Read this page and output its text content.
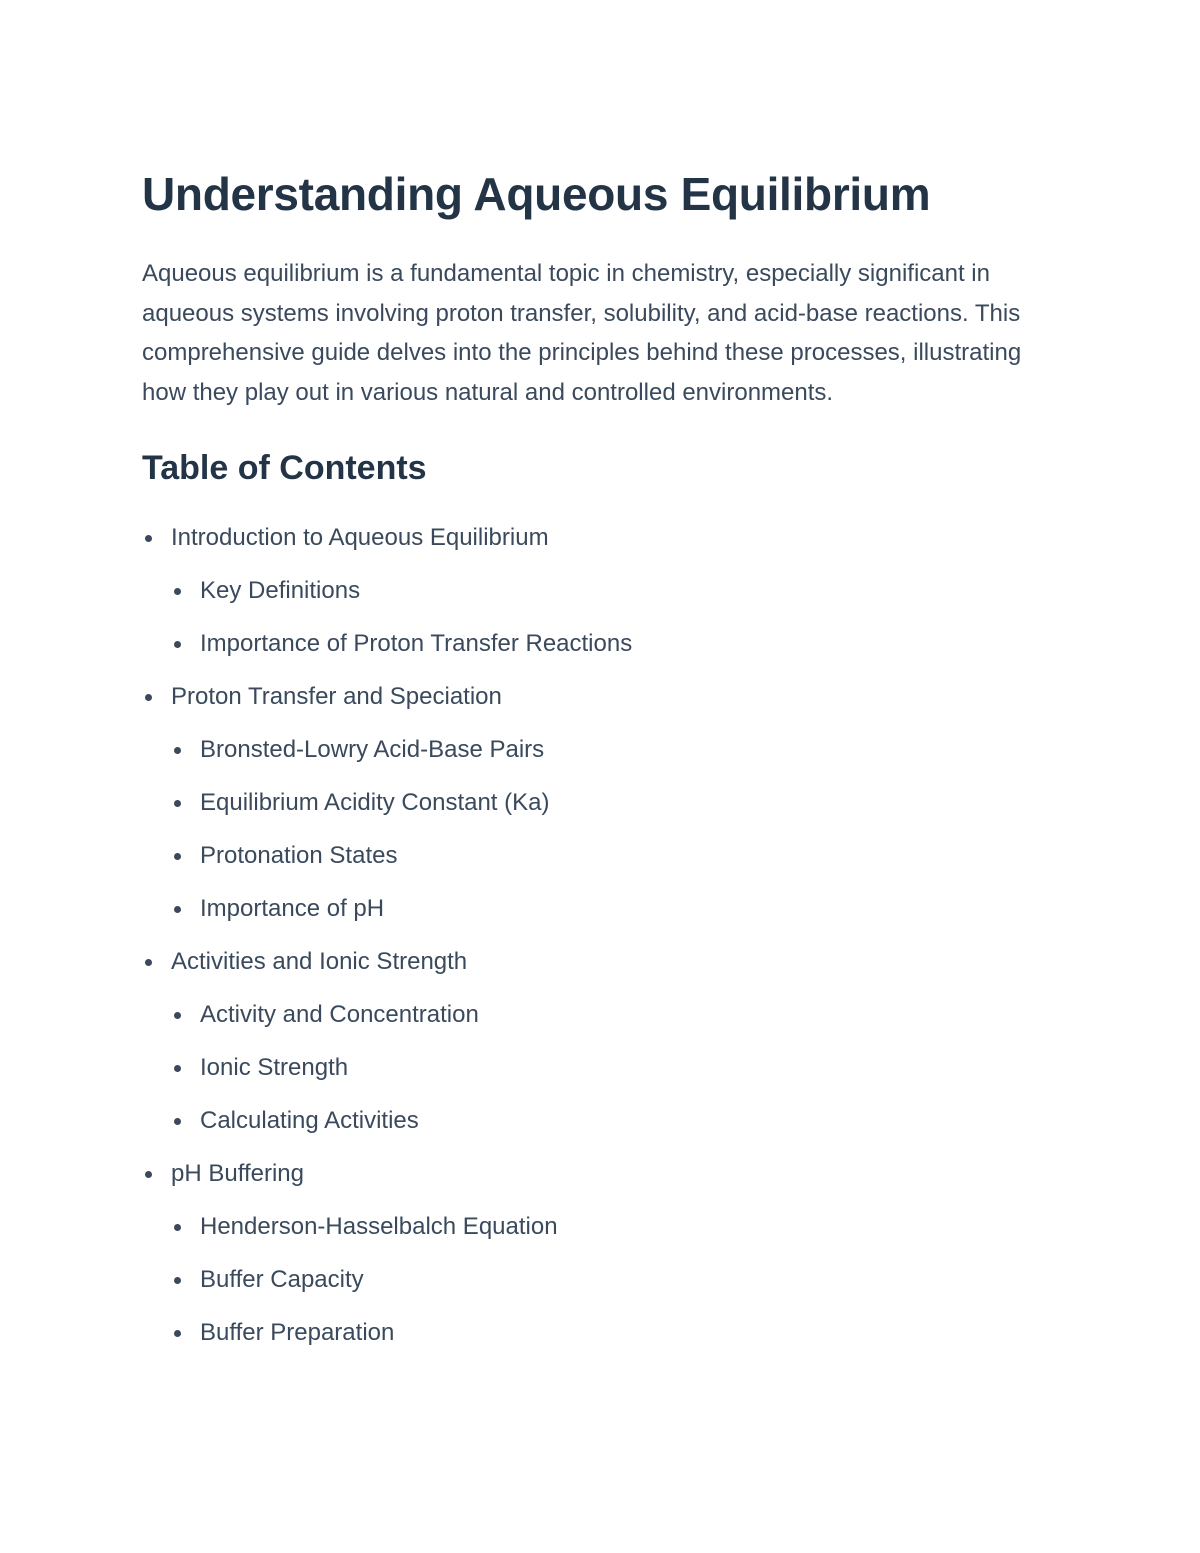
Understanding Aqueous Equilibrium

Aqueous equilibrium is a fundamental topic in chemistry, especially significant in aqueous systems involving proton transfer, solubility, and acid-base reactions. This comprehensive guide delves into the principles behind these processes, illustrating how they play out in various natural and controlled environments.

Table of Contents
Introduction to Aqueous Equilibrium
Key Definitions
Importance of Proton Transfer Reactions
Proton Transfer and Speciation
Bronsted-Lowry Acid-Base Pairs
Equilibrium Acidity Constant (Ka)
Protonation States
Importance of pH
Activities and Ionic Strength
Activity and Concentration
Ionic Strength
Calculating Activities
pH Buffering
Henderson-Hasselbalch Equation
Buffer Capacity
Buffer Preparation
